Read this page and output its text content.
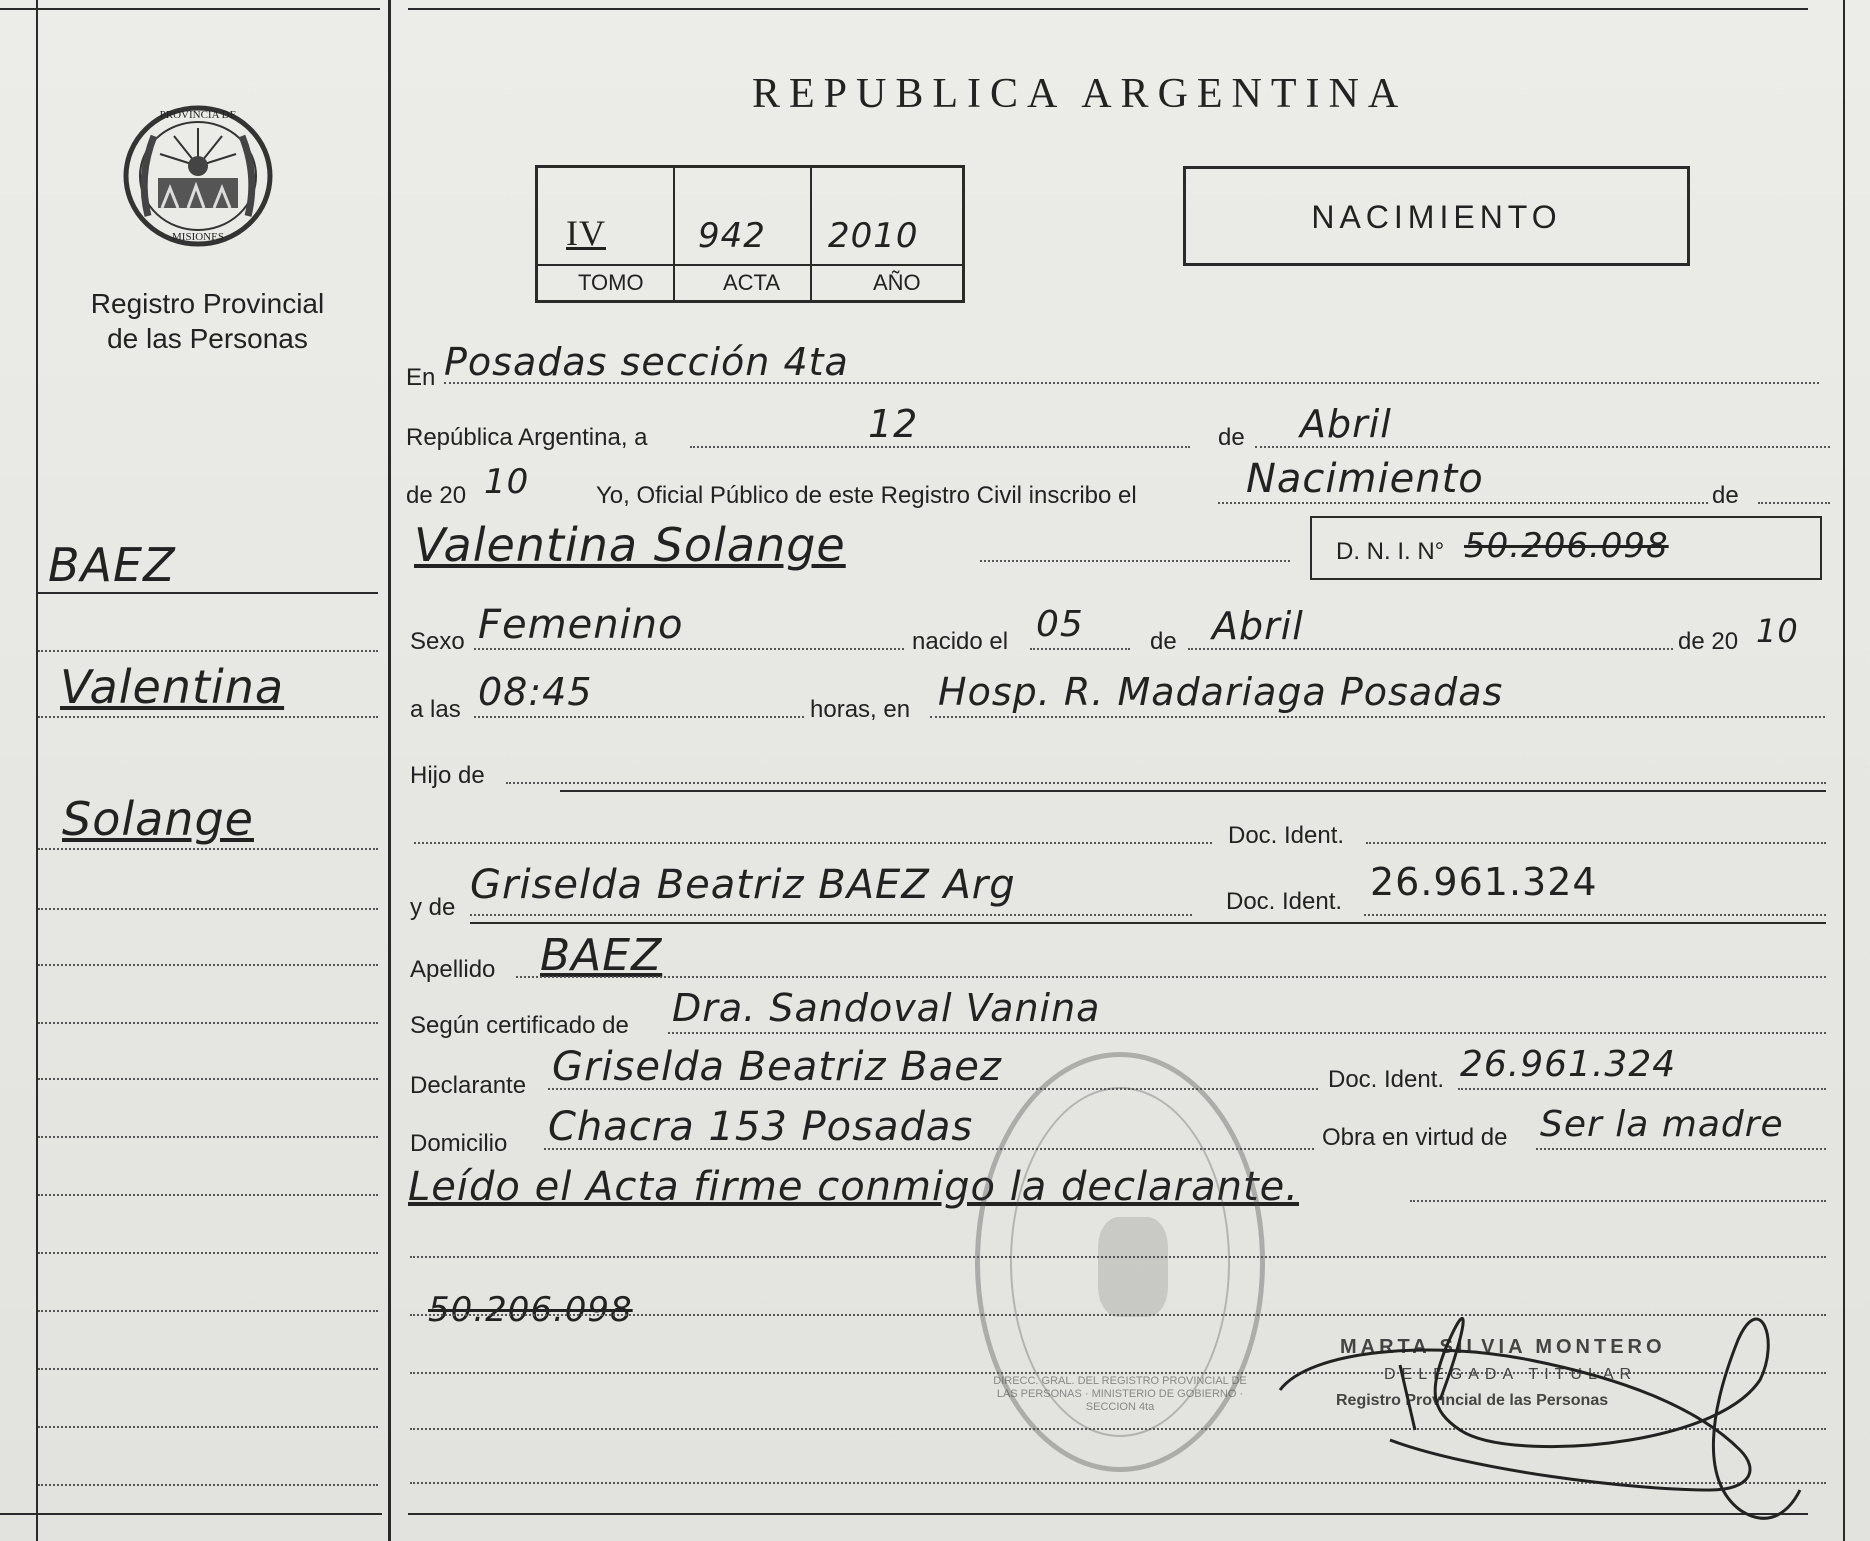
PROVINCIA DE
MISIONES
Registro Provincial
de las Personas
REPUBLICA ARGENTINA
IV	942 2010
TOMO	ACTA	AÑO
NACIMIENTO
BAEZ
Valentina
Solange
En Posadas sección 4ta
República Argentina, a	12	de Abril
de 20 10	Yo, Oficial Público de este Registro Civil inscribo el	Nacimiento	de
Valentina Solange	D. N. I. N° 50.206.098
Sexo Femenino	nacido el 05	de Abril	de 20 10
a las 08:45	horas, en Hosp. R. Madariaga Posadas
Hijo de
Doc. Ident.
y de Griselda Beatriz BAEZ Arg	Doc. Ident. 26.961.324
Apellido BAEZ
Según certificado de Dra. Sandoval Vanina
Declarante Griselda Beatriz Baez	Doc. Ident. 26.961.324
Domicilio Chacra 153 Posadas	Obra en virtud de Ser la madre
Leído el Acta firme conmigo la declarante.
50.206.098
DIRECC. GRAL. DEL REGISTRO PROVINCIAL DE LAS PERSONAS · MINISTERIO DE GOBIERNO · SECCION 4ta
MARTA SILVIA MONTERO
DELEGADA TITULAR
Registro Provincial de las Personas
